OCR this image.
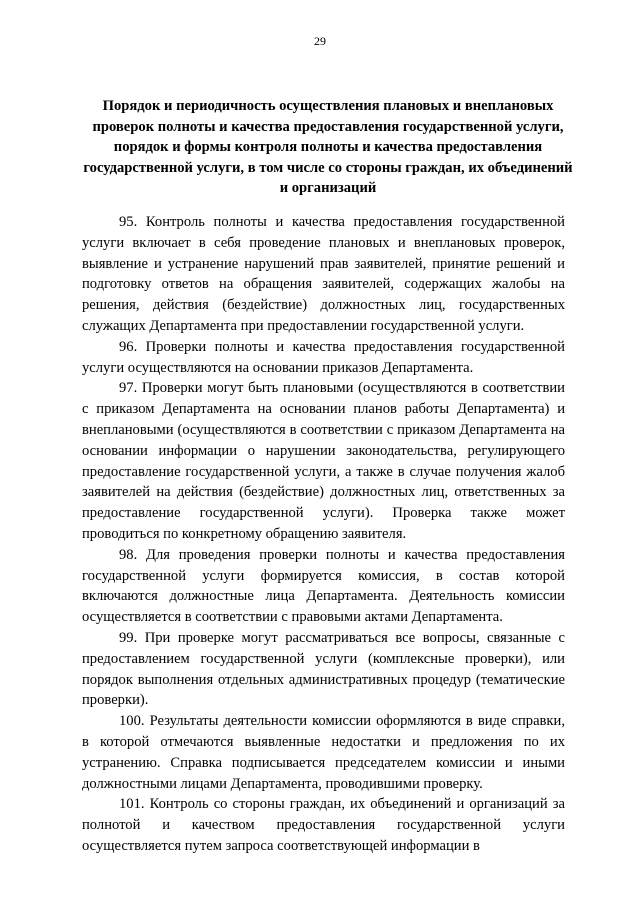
29
Порядок и периодичность осуществления плановых и внеплановых проверок полноты и качества предоставления государственной услуги, порядок и формы контроля полноты и качества предоставления государственной услуги, в том числе со стороны граждан, их объединений и организаций

95. Контроль полноты и качества предоставления государственной услуги включает в себя проведение плановых и внеплановых проверок, выявление и устранение нарушений прав заявителей, принятие решений и подготовку ответов на обращения заявителей, содержащих жалобы на решения, действия (бездействие) должностных лиц, государственных служащих Департамента при предоставлении государственной услуги.

96. Проверки полноты и качества предоставления государственной услуги осуществляются на основании приказов Департамента.

97. Проверки могут быть плановыми (осуществляются в соответствии с приказом Департамента на основании планов работы Департамента) и внеплановыми (осуществляются в соответствии с приказом Департамента на основании информации о нарушении законодательства, регулирующего предоставление государственной услуги, а также в случае получения жалоб заявителей на действия (бездействие) должностных лиц, ответственных за предоставление государственной услуги). Проверка также может проводиться по конкретному обращению заявителя.

98. Для проведения проверки полноты и качества предоставления государственной услуги формируется комиссия, в состав которой включаются должностные лица Департамента. Деятельность комиссии осуществляется в соответствии с правовыми актами Департамента.

99. При проверке могут рассматриваться все вопросы, связанные с предоставлением государственной услуги (комплексные проверки), или порядок выполнения отдельных административных процедур (тематические проверки).

100. Результаты деятельности комиссии оформляются в виде справки, в которой отмечаются выявленные недостатки и предложения по их устранению. Справка подписывается председателем комиссии и иными должностными лицами Департамента, проводившими проверку.

101. Контроль со стороны граждан, их объединений и организаций за полнотой и качеством предоставления государственной услуги осуществляется путем запроса соответствующей информации в
